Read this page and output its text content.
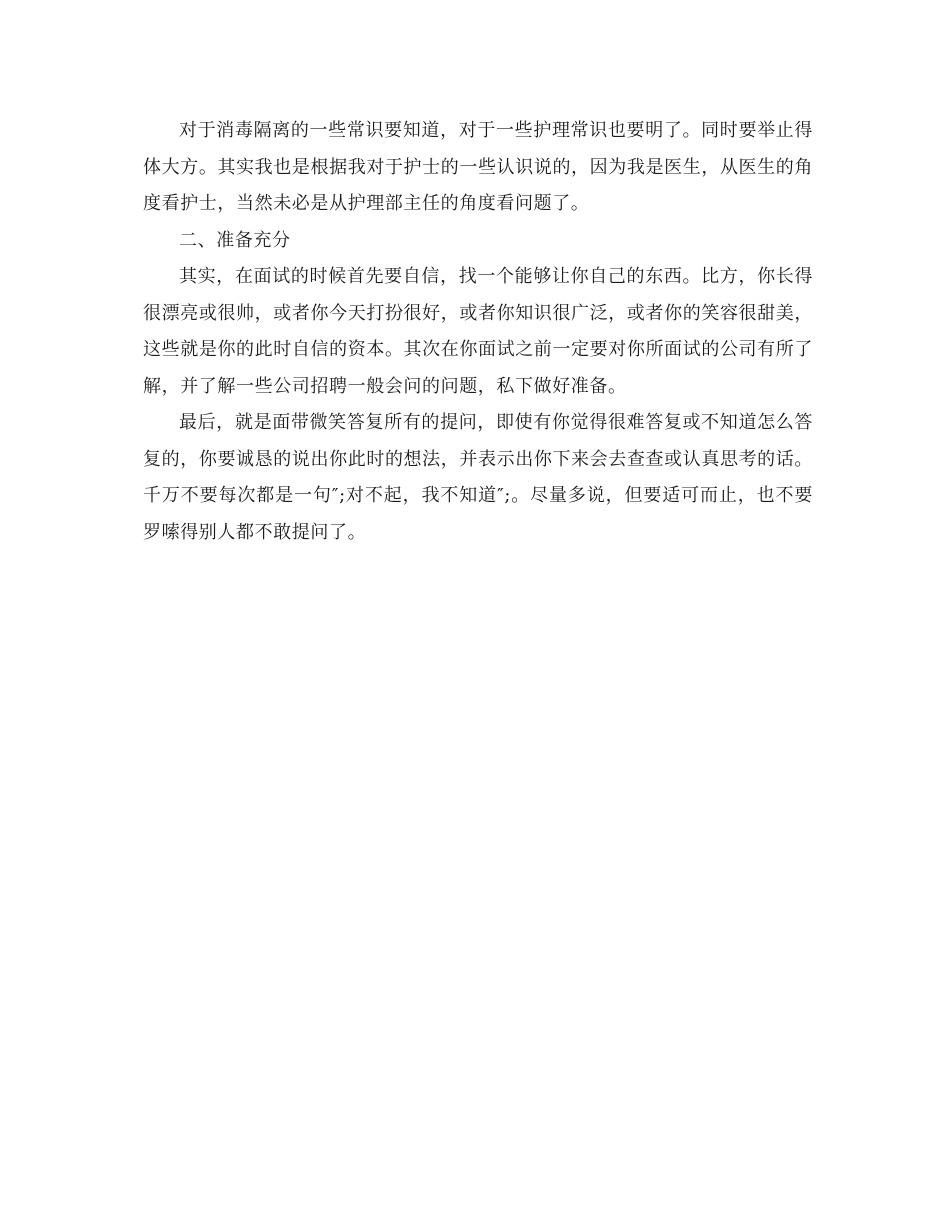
对于消毒隔离的一些常识要知道，对于一些护理常识也要明了。同时要举止得体大方。其实我也是根据我对于护士的一些认识说的，因为我是医生，从医生的角度看护士，当然未必是从护理部主任的角度看问题了。

二、准备充分

其实，在面试的时候首先要自信，找一个能够让你自己的东西。比方，你长得很漂亮或很帅，或者你今天打扮很好，或者你知识很广泛，或者你的笑容很甜美，这些就是你的此时自信的资本。其次在你面试之前一定要对你所面试的公司有所了解，并了解一些公司招聘一般会问的问题，私下做好准备。

最后，就是面带微笑答复所有的提问，即使有你觉得很难答复或不知道怎么答复的，你要诚恳的说出你此时的想法，并表示出你下来会去查查或认真思考的话。千万不要每次都是一句″;对不起，我不知道″;。尽量多说，但要适可而止，也不要罗嗦得别人都不敢提问了。
